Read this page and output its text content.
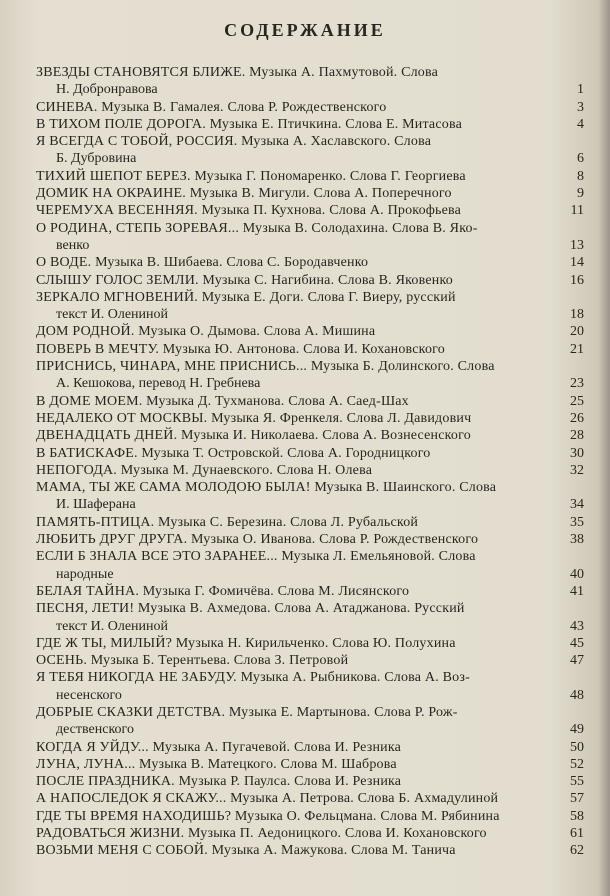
СОДЕРЖАНИЕ
ЗВЕЗДЫ СТАНОВЯТСЯ БЛИЖЕ. Музыка А. Пахмутовой. Слова
Н. Добронравова	1
СИНЕВА. Музыка В. Гамалея. Слова Р. Рождественского	3
В ТИХОМ ПОЛЕ ДОРОГА. Музыка Е. Птичкина. Слова Е. Митасова	4
Я ВСЕГДА С ТОБОЙ, РОССИЯ. Музыка А. Хаславского. Слова
Б. Дубровина	6
ТИХИЙ ШЕПОТ БЕРЕЗ. Музыка Г. Пономаренко. Слова Г. Георгиева	8
ДОМИК НА ОКРАИНЕ. Музыка В. Мигули. Слова А. Поперечного	9
ЧЕРЕМУХА ВЕСЕННЯЯ. Музыка П. Кухнова. Слова А. Прокофьева	11
О РОДИНА, СТЕПЬ ЗОРЕВАЯ... Музыка В. Солодахина. Слова В. Яко-
венко	13
О ВОДЕ. Музыка В. Шибаева. Слова С. Бородавченко	14
СЛЫШУ ГОЛОС ЗЕМЛИ. Музыка С. Нагибина. Слова В. Яковенко	16
ЗЕРКАЛО МГНОВЕНИЙ. Музыка Е. Доги. Слова Г. Виеру, русский
текст И. Олениной	18
ДОМ РОДНОЙ. Музыка О. Дымова. Слова А. Мишина	20
ПОВЕРЬ В МЕЧТУ. Музыка Ю. Антонова. Слова И. Кохановского	21
ПРИСНИСЬ, ЧИНАРА, МНЕ ПРИСНИСЬ... Музыка Б. Долинского. Слова
А. Кешокова, перевод Н. Гребнева	23
В ДОМЕ МОЕМ. Музыка Д. Тухманова. Слова А. Саед-Шах	25
НЕДАЛЕКО ОТ МОСКВЫ. Музыка Я. Френкеля. Слова Л. Давидович	26
ДВЕНАДЦАТЬ ДНЕЙ. Музыка И. Николаева. Слова А. Вознесенского	28
В БАТИСКАФЕ. Музыка Т. Островской. Слова А. Городницкого	30
НЕПОГОДА. Музыка М. Дунаевского. Слова Н. Олева	32
МАМА, ТЫ ЖЕ САМА МОЛОДОЮ БЫЛА! Музыка В. Шаинского. Слова
И. Шаферана	34
ПАМЯТЬ-ПТИЦА. Музыка С. Березина. Слова Л. Рубальской	35
ЛЮБИТЬ ДРУГ ДРУГА. Музыка О. Иванова. Слова Р. Рождественского	38
ЕСЛИ Б ЗНАЛА ВСЕ ЭТО ЗАРАНЕЕ... Музыка Л. Емельяновой. Слова
народные	40
БЕЛАЯ ТАЙНА. Музыка Г. Фомичёва. Слова М. Лисянского	41
ПЕСНЯ, ЛЕТИ! Музыка В. Ахмедова. Слова А. Атаджанова. Русский
текст И. Олениной	43
ГДЕ Ж ТЫ, МИЛЫЙ? Музыка Н. Кирильченко. Слова Ю. Полухина	45
ОСЕНЬ. Музыка Б. Терентьева. Слова З. Петровой	47
Я ТЕБЯ НИКОГДА НЕ ЗАБУДУ. Музыка А. Рыбникова. Слова А. Воз-
несенского	48
ДОБРЫЕ СКАЗКИ ДЕТСТВА. Музыка Е. Мартынова. Слова Р. Рож-
дественского	49
КОГДА Я УЙДУ... Музыка А. Пугачевой. Слова И. Резника	50
ЛУНА, ЛУНА... Музыка В. Матецкого. Слова М. Шаброва	52
ПОСЛЕ ПРАЗДНИКА. Музыка Р. Паулса. Слова И. Резника	55
А НАПОСЛЕДОК Я СКАЖУ... Музыка А. Петрова. Слова Б. Ахмадулиной	57
ГДЕ ТЫ ВРЕМЯ НАХОДИШЬ? Музыка О. Фельцмана. Слова М. Рябинина	58
РАДОВАТЬСЯ ЖИЗНИ. Музыка П. Аедоницкого. Слова И. Кохановского	61
ВОЗЬМИ МЕНЯ С СОБОЙ. Музыка А. Мажукова. Слова М. Танича	62
